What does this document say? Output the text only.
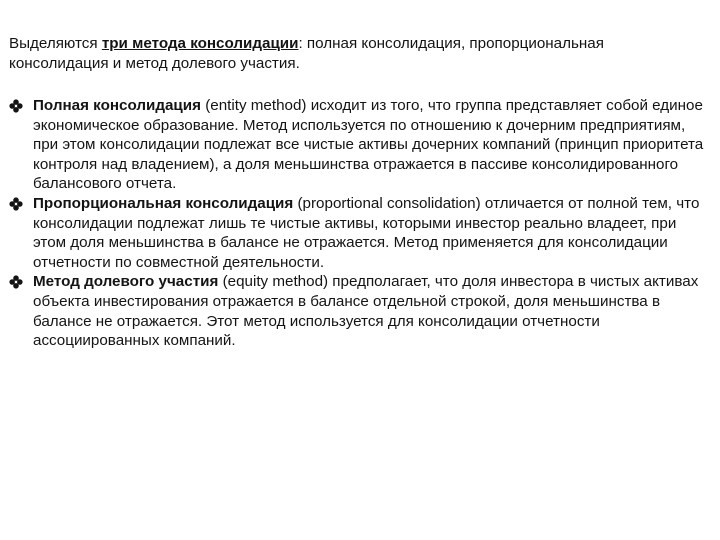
Выделяются три метода консолидации: полная консолидация, пропорциональная консолидация и метод долевого участия.

Полная консолидация (entity method) исходит из того, что группа представляет собой единое экономическое образование. Метод используется по отношению к дочерним предприятиям, при этом консолидации подлежат все чистые активы дочерних компаний (принцип приоритета контроля над владением), а доля меньшинства отражается в пассиве консолидированного балансового отчета.
Пропорциональная консолидация (proportional consolidation) отличается от полной тем, что консолидации подлежат лишь те чистые активы, которыми инвестор реально владеет, при этом доля меньшинства в балансе не отражается. Метод применяется для консолидации отчетности по совместной деятельности.
Метод долевого участия (equity method) предполагает, что доля инвестора в чистых активах объекта инвестирования отражается в балансе отдельной строкой, доля меньшинства в балансе не отражается. Этот метод используется для консолидации отчетности ассоциированных компаний.
